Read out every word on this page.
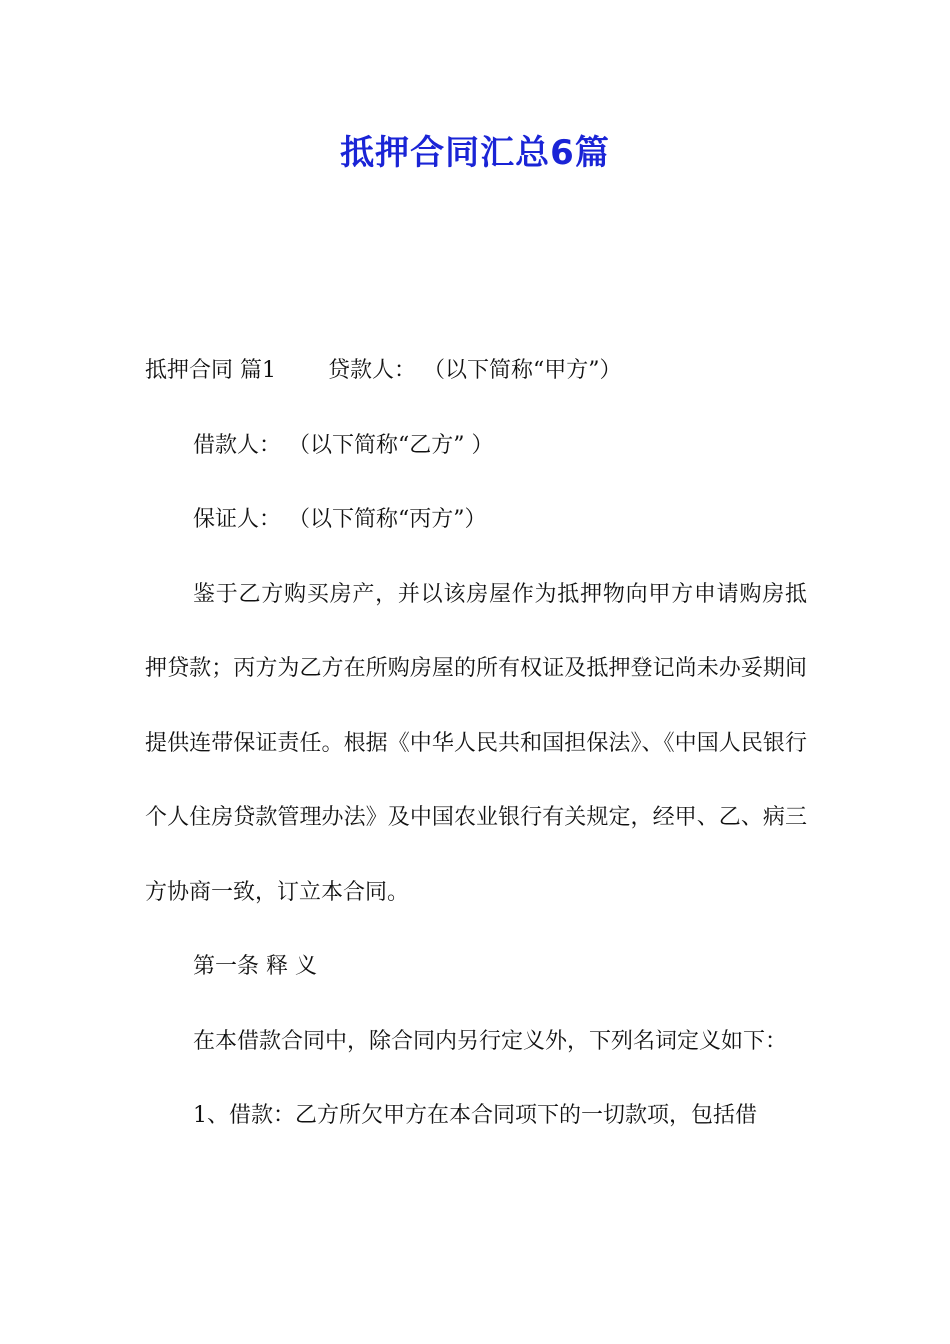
抵押合同汇总6篇

抵押合同 篇1 贷款人： （以下简称“甲方”）

借款人： （以下简称“乙方” ）

保证人： （以下简称“丙方”）

鉴于乙方购买房产，并以该房屋作为抵押物向甲方申请购房抵押贷款；丙方为乙方在所购房屋的所有权证及抵押登记尚未办妥期间提供连带保证责任。根据《中华人民共和国担保法》、《中国人民银行个人住房贷款管理办法》及中国农业银行有关规定，经甲、乙、病三方协商一致，订立本合同。

第一条 释 义

在本借款合同中，除合同内另行定义外，下列名词定义如下：

1、借款：乙方所欠甲方在本合同项下的一切款项，包括借
